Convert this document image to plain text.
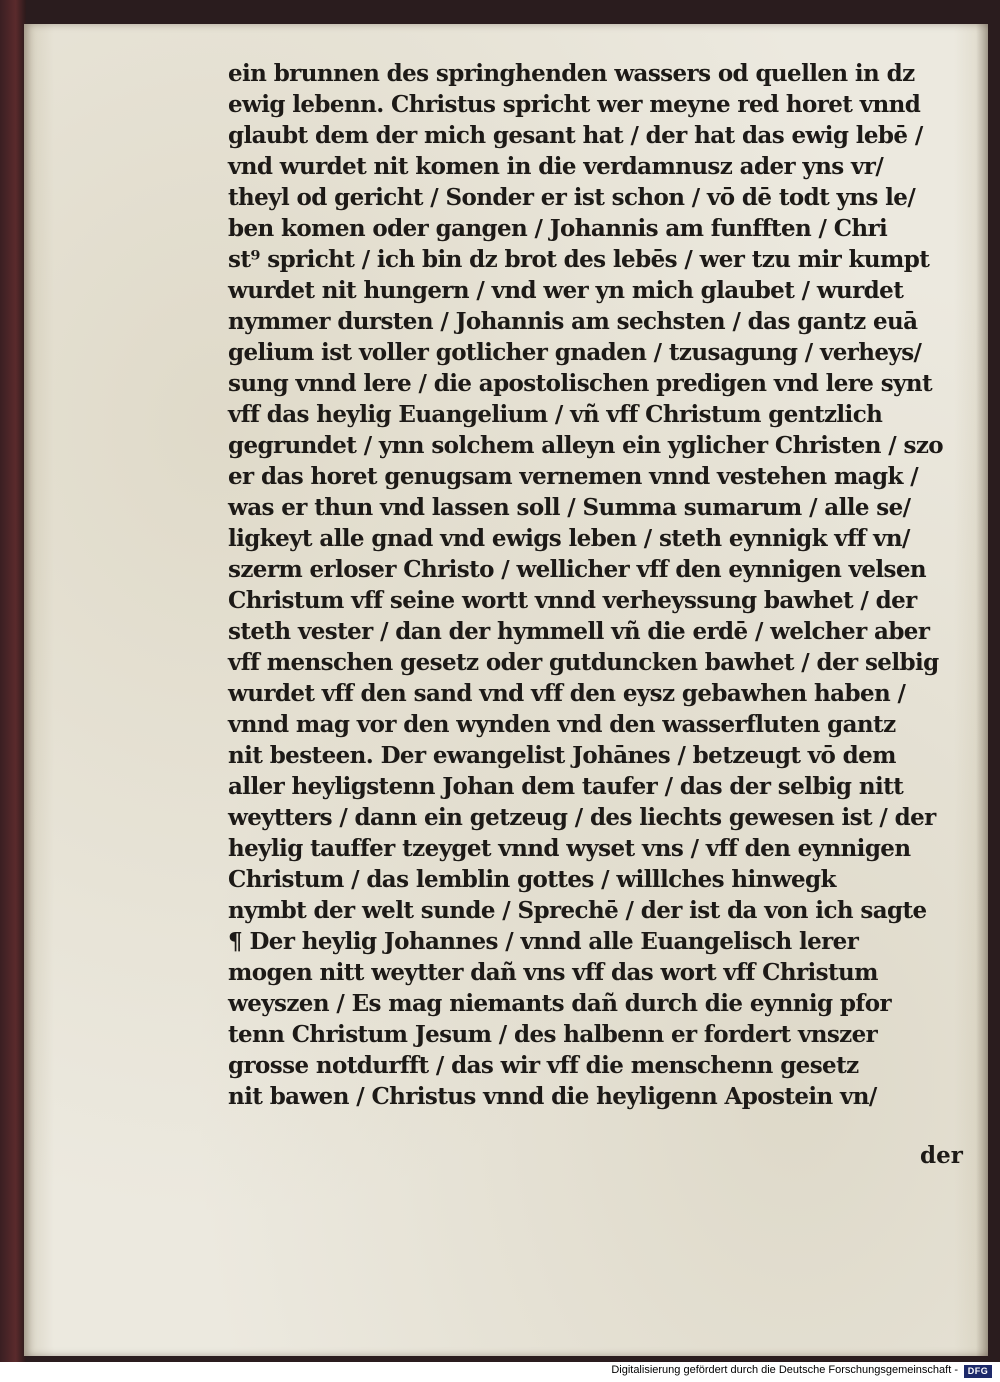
ein brunnen des springhenden wassers od quellen in dz
ewig lebenn. Christus spricht wer meyne red horet vnnd
glaubt dem der mich gesant hat / der hat das ewig lebē /
vnd wurdet nit komen in die verdamnusz ader yns vr/
theyl od gericht / Sonder er ist schon / vō dē todt yns le/
ben komen oder gangen / Johannis am funfften / Chri
st⁹ spricht / ich bin dz brot des lebēs / wer tzu mir kumpt
wurdet nit hungern / vnd wer yn mich glaubet / wurdet
nymmer dursten / Johannis am sechsten / das gantz euā
gelium ist voller gotlicher gnaden / tzusagung / verheys/
sung vnnd lere / die apostolischen predigen vnd lere synt
vff das heylig Euangelium / vñ vff Christum gentzlich
gegrundet / ynn solchem alleyn ein yglicher Christen / szo
er das horet genugsam vernemen vnnd vestehen magk /
was er thun vnd lassen soll / Summa sumarum / alle se/
ligkeyt alle gnad vnd ewigs leben / steth eynnigk vff vn/
szerm erloser Christo / wellicher vff den eynnigen velsen
Christum vff seine wortt vnnd verheyssung bawhet / der
steth vester / dan der hymmell vñ die erdē / welcher aber
vff menschen gesetz oder gutduncken bawhet / der selbig
wurdet vff den sand vnd vff den eysz gebawhen haben /
vnnd mag vor den wynden vnd den wasserfluten gantz
nit besteen. Der ewangelist Johānes / betzeugt vō dem
aller heyligstenn Johan dem taufer / das der selbig nitt
weytters / dann ein getzeug / des liechts gewesen ist / der
heylig tauffer tzeyget vnnd wyset vns / vff den eynnigen
Christum / das lemblin gottes / willlches hinwegk
nymbt der welt sunde / Sprechē / der ist da von ich sagte
¶ Der heylig Johannes / vnnd alle Euangelisch lerer
mogen nitt weytter dañ vns vff das wort vff Christum
weyszen / Es mag niemants dañ durch die eynnig pfor
tenn Christum Jesum / des halbenn er fordert vnszer
grosse notdurfft / das wir vff die menschenn gesetz
nit bawen / Christus vnnd die heyligenn Apostein vn/
der
Digitalisierung gefördert durch die Deutsche Forschungsgemeinschaft -	DFG
